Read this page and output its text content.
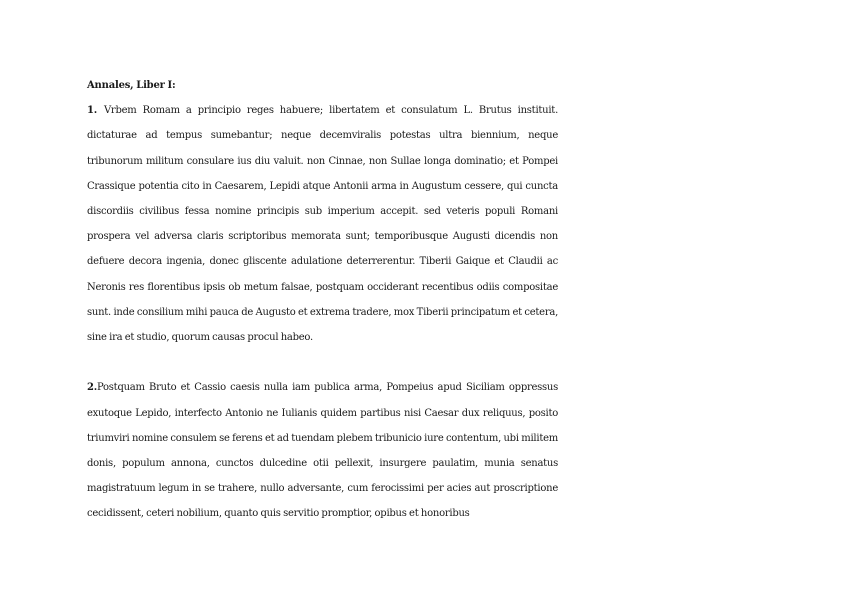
Annales, Liber I:

1. Vrbem Romam a principio reges habuere; libertatem et consulatum L. Brutus instituit. dictaturae ad tempus sumebantur; neque decemviralis potestas ultra biennium, neque tribunorum militum consulare ius diu valuit. non Cinnae, non Sullae longa dominatio; et Pompei Crassique potentia cito in Caesarem, Lepidi atque Antonii arma in Augustum cessere, qui cuncta discordiis civilibus fessa nomine principis sub imperium accepit. sed veteris populi Romani prospera vel adversa claris scriptoribus memorata sunt; temporibusque Augusti dicendis non defuere decora ingenia, donec gliscente adulatione deterrerentur. Tiberii Gaique et Claudii ac Neronis res florentibus ipsis ob metum falsae, postquam occiderant recentibus odiis compositae sunt. inde consilium mihi pauca de Augusto et extrema tradere, mox Tiberii principatum et cetera, sine ira et studio, quorum causas procul habeo.

2.Postquam Bruto et Cassio caesis nulla iam publica arma, Pompeius apud Siciliam oppressus exutoque Lepido, interfecto Antonio ne Iulianis quidem partibus nisi Caesar dux reliquus, posito triumviri nomine consulem se ferens et ad tuendam plebem tribunicio iure contentum, ubi militem donis, populum annona, cunctos dulcedine otii pellexit, insurgere paulatim, munia senatus magistratuum legum in se trahere, nullo adversante, cum ferocissimi per acies aut proscriptione cecidissent, ceteri nobilium, quanto quis servitio promptior, opibus et honoribus
